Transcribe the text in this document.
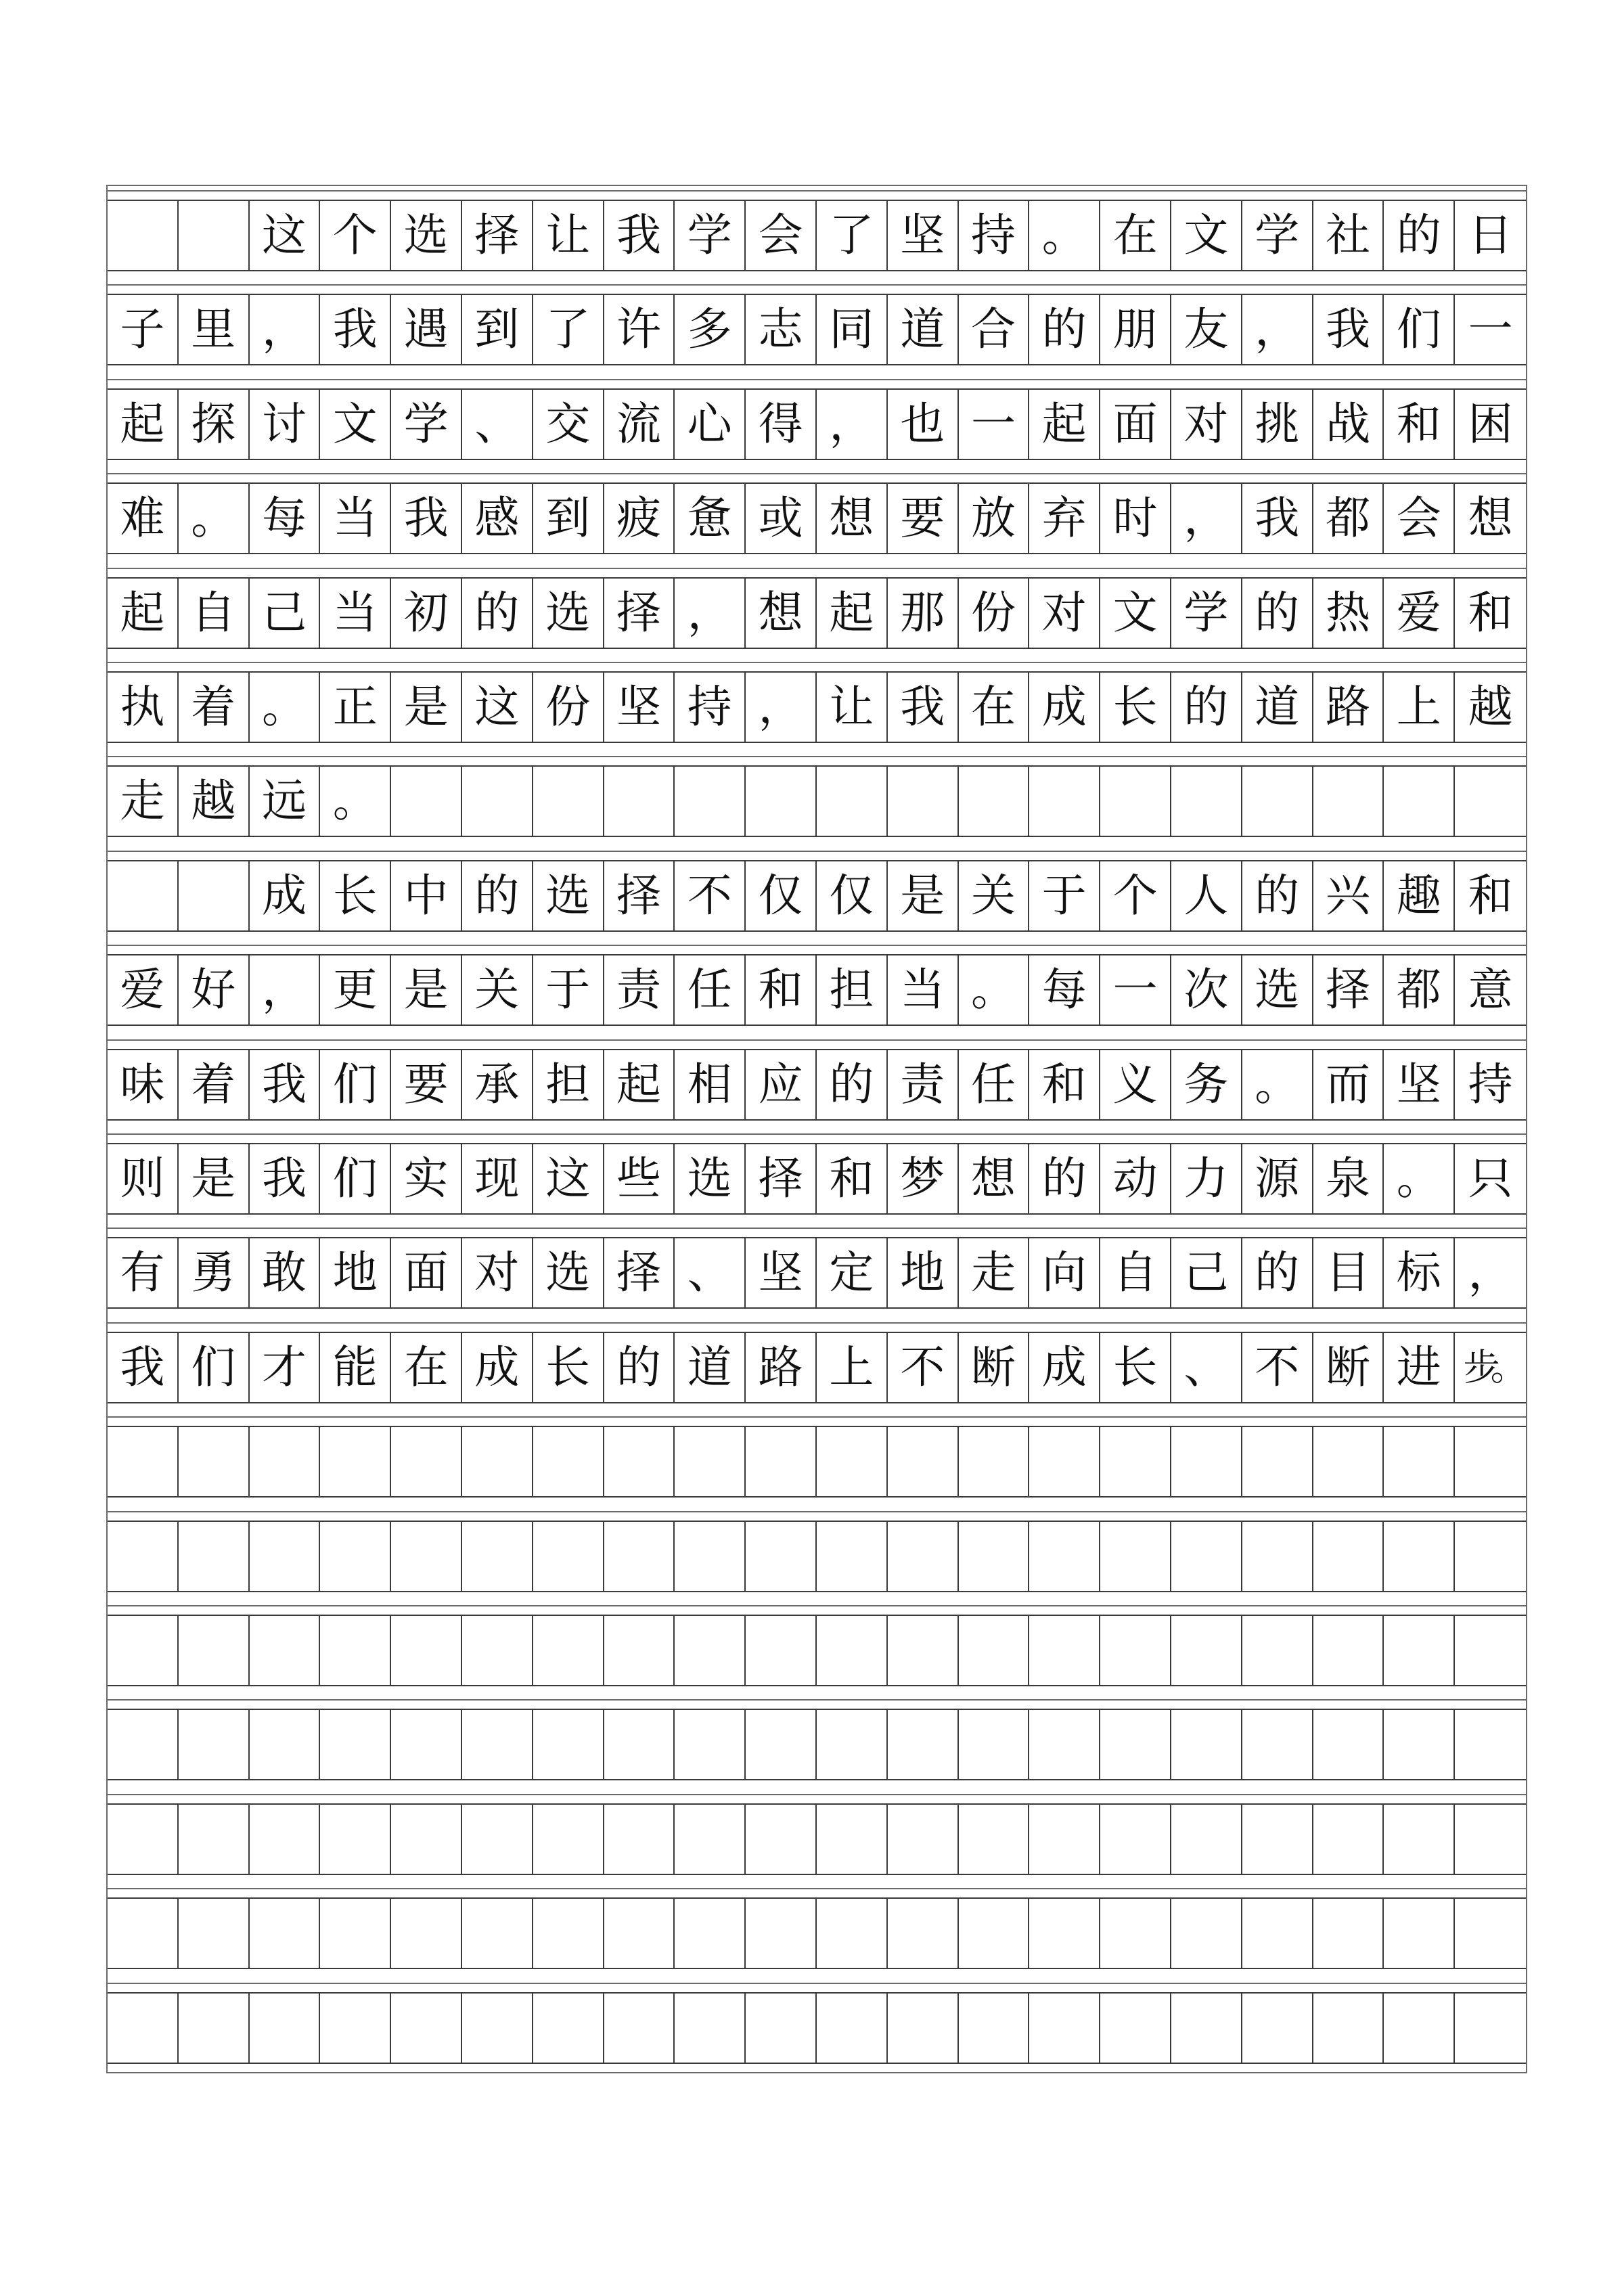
这 个 选 择 让 我 学 会 了 坚 持 。 在 文 学 社 的 日
子 里 ， 我 遇 到 了 许 多 志 同 道 合 的 朋 友 ， 我 们 一
起 探 讨 文 学 、 交 流 心 得 ， 也 一 起 面 对 挑 战 和 困
难 。 每 当 我 感 到 疲 惫 或 想 要 放 弃 时 ， 我 都 会 想
起 自 己 当 初 的 选 择 ， 想 起 那 份 对 文 学 的 热 爱 和
执 着 。 正 是 这 份 坚 持 ， 让 我 在 成 长 的 道 路 上 越
走 越 远 。
成 长 中 的 选 择 不 仅 仅 是 关 于 个 人 的 兴 趣 和
爱 好 ， 更 是 关 于 责 任 和 担 当 。 每 一 次 选 择 都 意
味 着 我 们 要 承 担 起 相 应 的 责 任 和 义 务 。 而 坚 持
则 是 我 们 实 现 这 些 选 择 和 梦 想 的 动 力 源 泉 。 只
有 勇 敢 地 面 对 选 择 、 坚 定 地 走 向 自 己 的 目 标 ，
我 们 才 能 在 成 长 的 道 路 上 不 断 成 长 、 不 断 进 步。
